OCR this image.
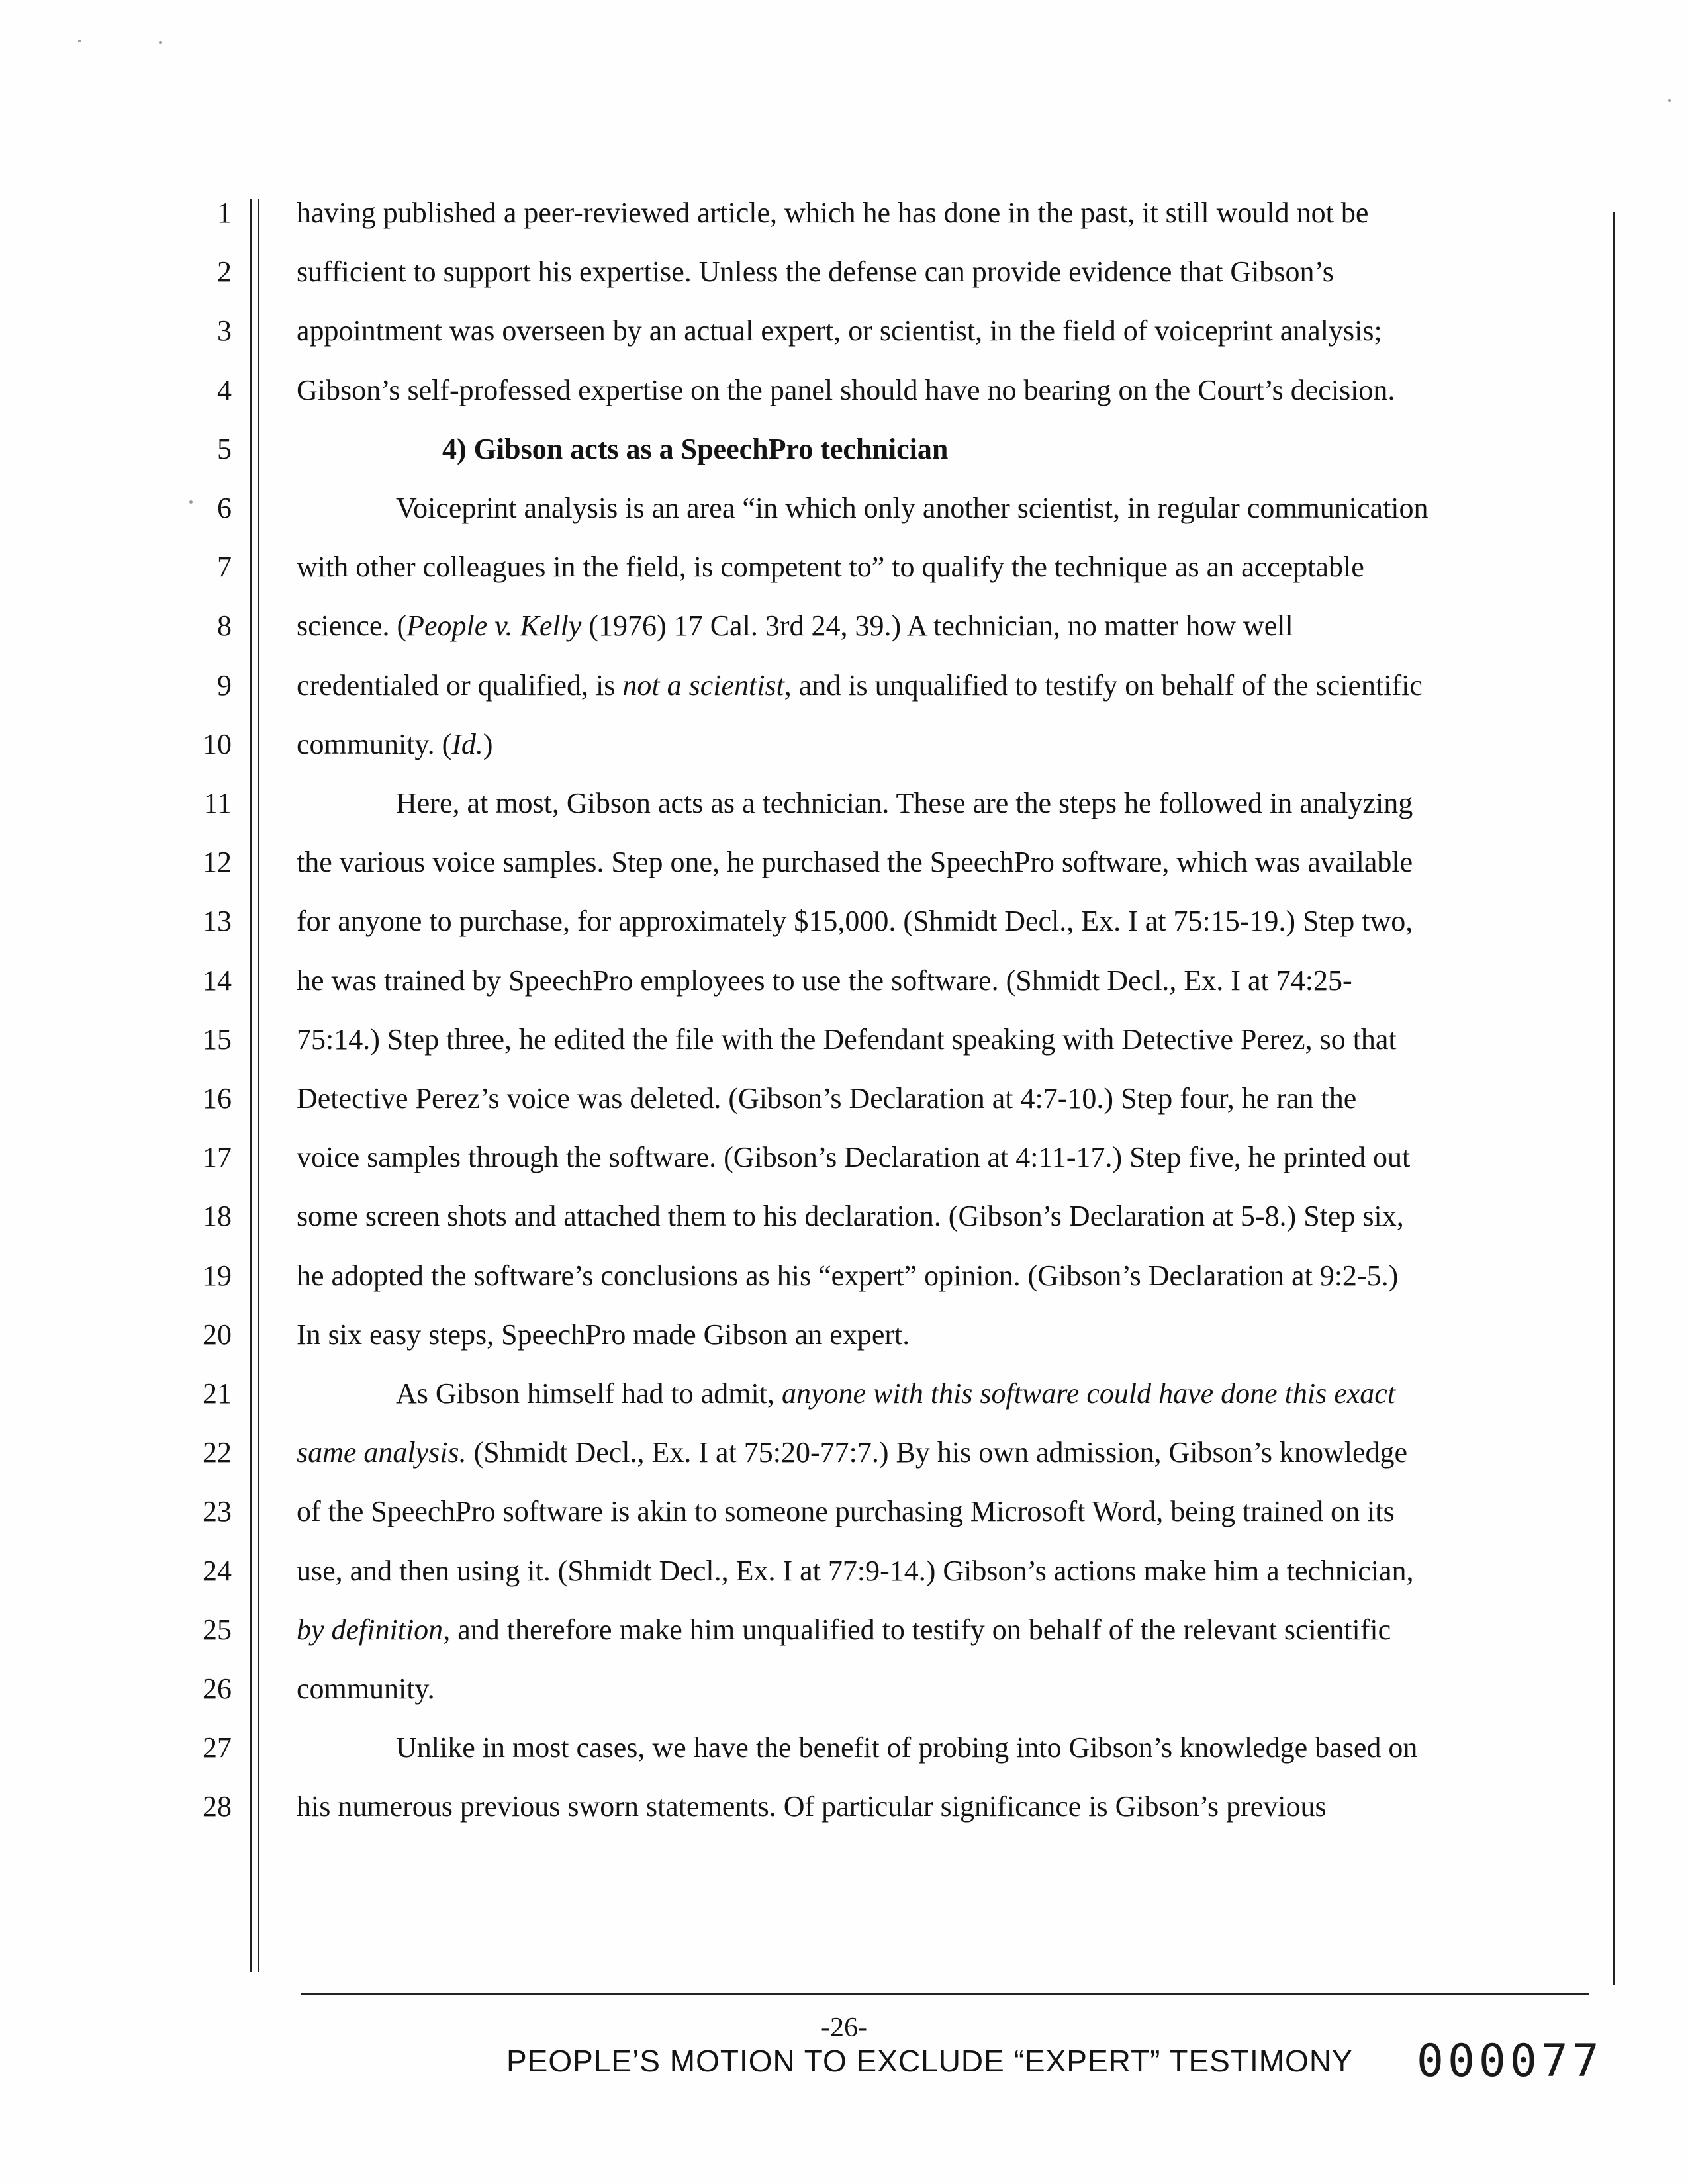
1
2
3
4
5
6
7
8
9
10
11
12
13
14
15
16
17
18
19
20
21
22
23
24
25
26
27
28
having published a peer-reviewed article, which he has done in the past, it still would not be
sufficient to support his expertise. Unless the defense can provide evidence that Gibson’s
appointment was overseen by an actual expert, or scientist, in the field of voiceprint analysis;
Gibson’s self-professed expertise on the panel should have no bearing on the Court’s decision.
4) Gibson acts as a SpeechPro technician
Voiceprint analysis is an area “in which only another scientist, in regular communication
with other colleagues in the field, is competent to” to qualify the technique as an acceptable
science. (People v. Kelly (1976) 17 Cal. 3rd 24, 39.) A technician, no matter how well
credentialed or qualified, is not a scientist, and is unqualified to testify on behalf of the scientific
community. (Id.)
Here, at most, Gibson acts as a technician. These are the steps he followed in analyzing
the various voice samples. Step one, he purchased the SpeechPro software, which was available
for anyone to purchase, for approximately $15,000. (Shmidt Decl., Ex. I at 75:15-19.) Step two,
he was trained by SpeechPro employees to use the software. (Shmidt Decl., Ex. I at 74:25-
75:14.) Step three, he edited the file with the Defendant speaking with Detective Perez, so that
Detective Perez’s voice was deleted. (Gibson’s Declaration at 4:7-10.) Step four, he ran the
voice samples through the software. (Gibson’s Declaration at 4:11-17.) Step five, he printed out
some screen shots and attached them to his declaration. (Gibson’s Declaration at 5-8.) Step six,
he adopted the software’s conclusions as his “expert” opinion. (Gibson’s Declaration at 9:2-5.)
In six easy steps, SpeechPro made Gibson an expert.
As Gibson himself had to admit, anyone with this software could have done this exact
same analysis. (Shmidt Decl., Ex. I at 75:20-77:7.) By his own admission, Gibson’s knowledge
of the SpeechPro software is akin to someone purchasing Microsoft Word, being trained on its
use, and then using it. (Shmidt Decl., Ex. I at 77:9-14.) Gibson’s actions make him a technician,
by definition, and therefore make him unqualified to testify on behalf of the relevant scientific
community.
Unlike in most cases, we have the benefit of probing into Gibson’s knowledge based on
his numerous previous sworn statements. Of particular significance is Gibson’s previous
-26-
PEOPLE’S MOTION TO EXCLUDE “EXPERT” TESTIMONY 000077
